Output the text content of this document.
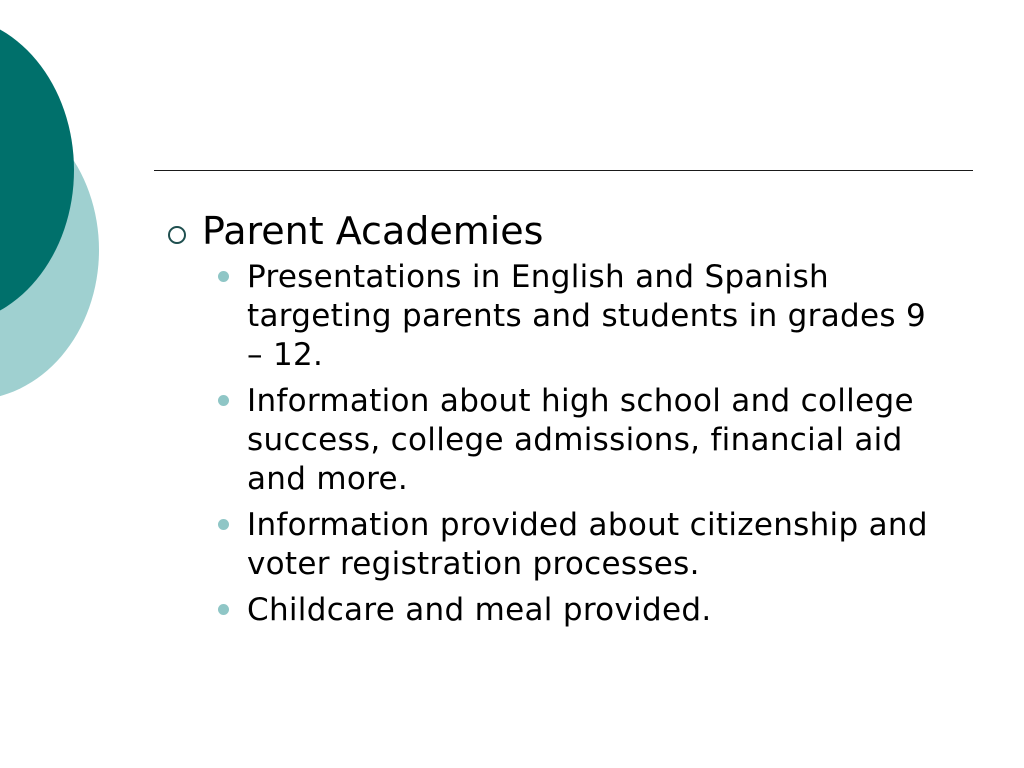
Parent Academies
Presentations in English and Spanish targeting parents and students in grades 9 – 12.
Information about high school and college success, college admissions, financial aid and more.
Information provided about citizenship and voter registration processes.
Childcare and meal provided.
